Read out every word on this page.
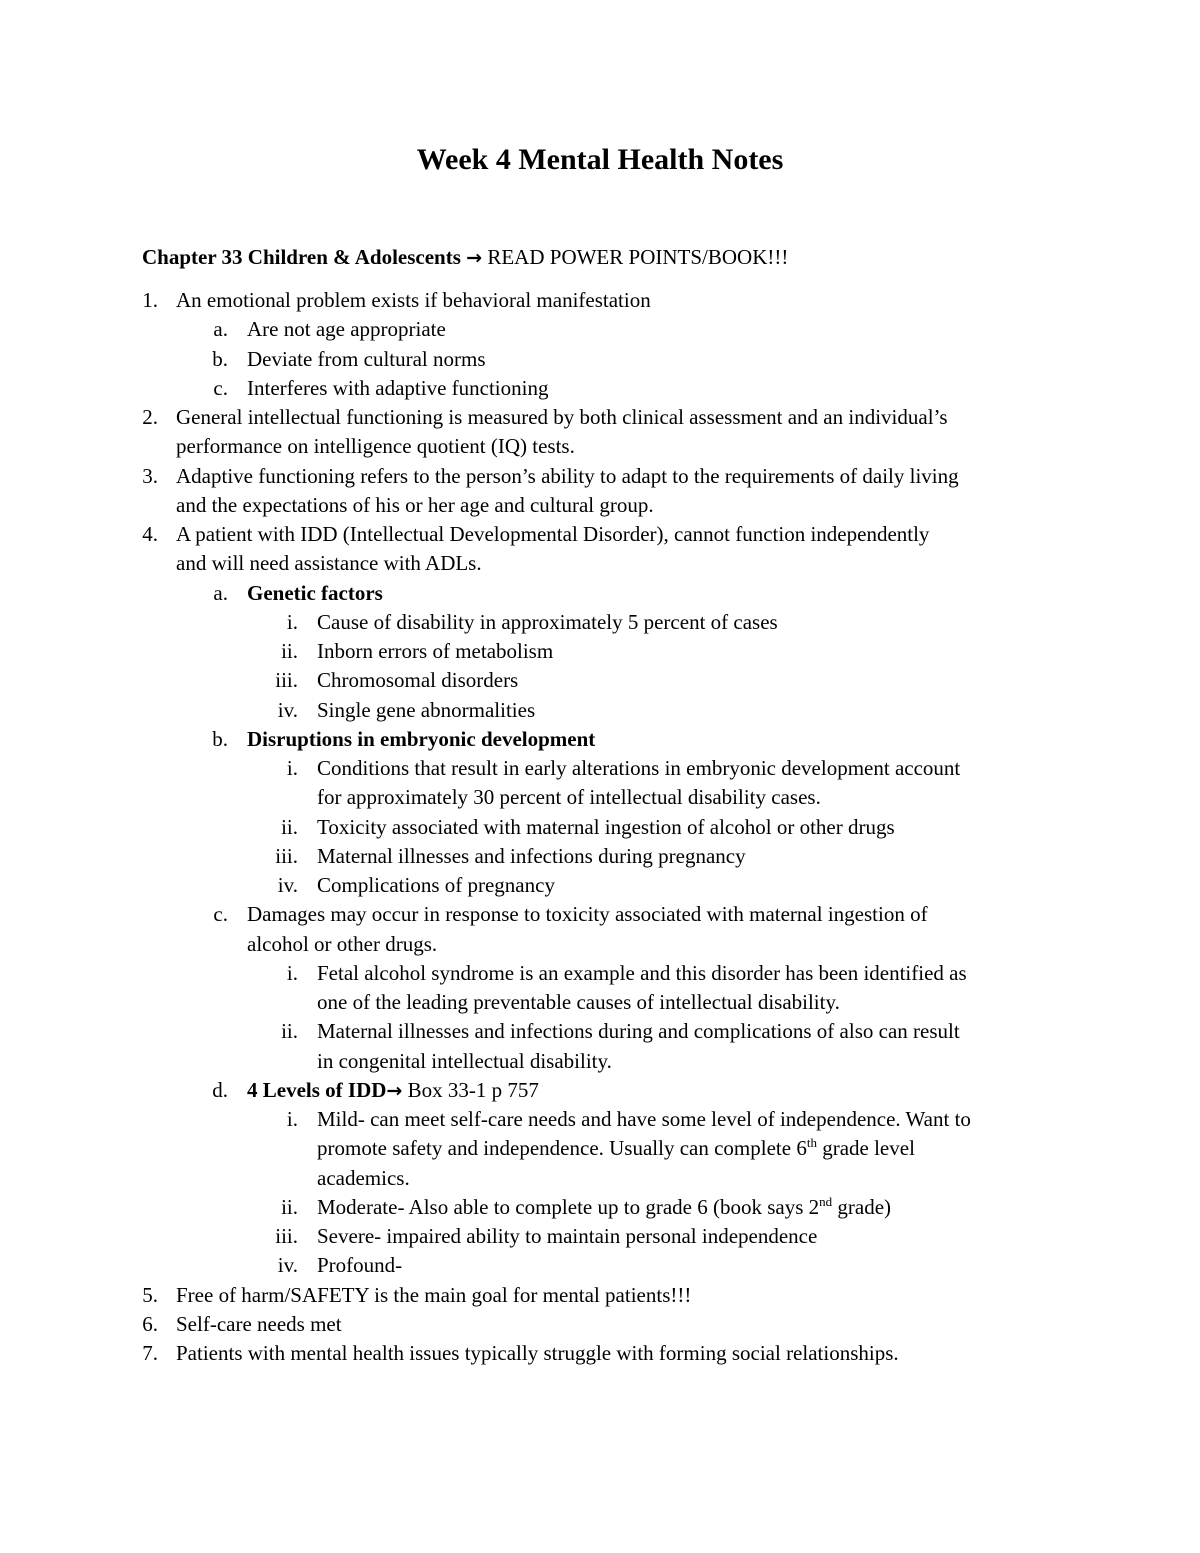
Week 4 Mental Health Notes
Chapter 33 Children & Adolescents → READ POWER POINTS/BOOK!!!
1. An emotional problem exists if behavioral manifestation
a. Are not age appropriate
b. Deviate from cultural norms
c. Interferes with adaptive functioning
2. General intellectual functioning is measured by both clinical assessment and an individual’s
performance on intelligence quotient (IQ) tests.
3. Adaptive functioning refers to the person’s ability to adapt to the requirements of daily living
and the expectations of his or her age and cultural group.
4. A patient with IDD (Intellectual Developmental Disorder), cannot function independently
and will need assistance with ADLs.
a. Genetic factors
i. Cause of disability in approximately 5 percent of cases
ii. Inborn errors of metabolism
iii. Chromosomal disorders
iv. Single gene abnormalities
b. Disruptions in embryonic development
i. Conditions that result in early alterations in embryonic development account
for approximately 30 percent of intellectual disability cases.
ii. Toxicity associated with maternal ingestion of alcohol or other drugs
iii. Maternal illnesses and infections during pregnancy
iv. Complications of pregnancy
c. Damages may occur in response to toxicity associated with maternal ingestion of
alcohol or other drugs.
i. Fetal alcohol syndrome is an example and this disorder has been identified as
one of the leading preventable causes of intellectual disability.
ii. Maternal illnesses and infections during and complications of also can result
in congenital intellectual disability.
d. 4 Levels of IDD→ Box 33-1 p 757
i. Mild- can meet self-care needs and have some level of independence. Want to
promote safety and independence. Usually can complete 6th grade level
academics.
ii. Moderate- Also able to complete up to grade 6 (book says 2nd grade)
iii. Severe- impaired ability to maintain personal independence
iv. Profound-
5. Free of harm/SAFETY is the main goal for mental patients!!!
6. Self-care needs met
7. Patients with mental health issues typically struggle with forming social relationships.
